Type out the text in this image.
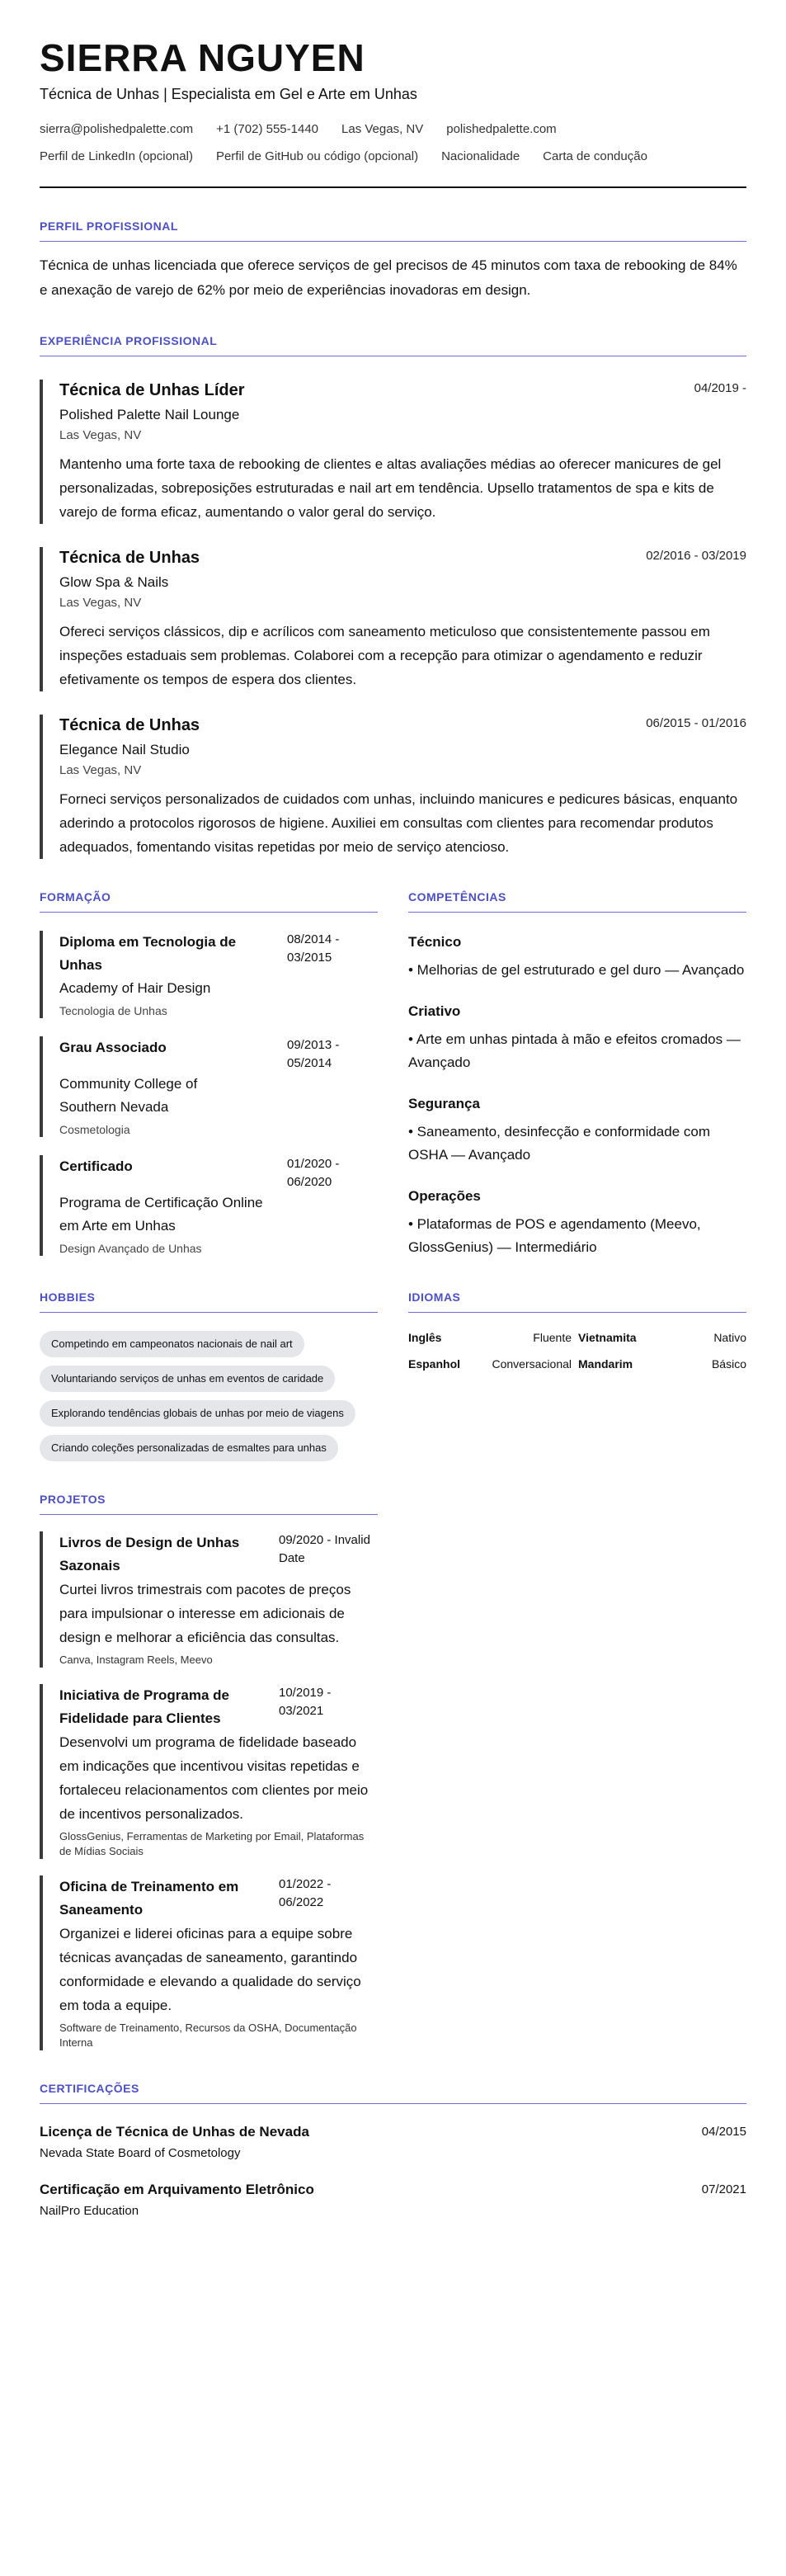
SIERRA NGUYEN
Técnica de Unhas | Especialista em Gel e Arte em Unhas
sierra@polishedpalette.com +1 (702) 555-1440 Las Vegas, NV polishedpalette.com
Perfil de LinkedIn (opcional) Perfil de GitHub ou código (opcional) Nacionalidade Carta de condução
PERFIL PROFISSIONAL

Técnica de unhas licenciada que oferece serviços de gel precisos de 45 minutos com taxa de rebooking de 84% e anexação de varejo de 62% por meio de experiências inovadoras em design.

EXPERIÊNCIA PROFISSIONAL
Técnica de Unhas Líder	04/2019 -
Polished Palette Nail Lounge
Las Vegas, NV

Mantenho uma forte taxa de rebooking de clientes e altas avaliações médias ao oferecer manicures de gel personalizadas, sobreposições estruturadas e nail art em tendência. Upsello tratamentos de spa e kits de varejo de forma eficaz, aumentando o valor geral do serviço.

Técnica de Unhas	02/2016 - 03/2019
Glow Spa & Nails
Las Vegas, NV

Ofereci serviços clássicos, dip e acrílicos com saneamento meticuloso que consistentemente passou em inspeções estaduais sem problemas. Colaborei com a recepção para otimizar o agendamento e reduzir efetivamente os tempos de espera dos clientes.

Técnica de Unhas	06/2015 - 01/2016
Elegance Nail Studio
Las Vegas, NV

Forneci serviços personalizados de cuidados com unhas, incluindo manicures e pedicures básicas, enquanto aderindo a protocolos rigorosos de higiene. Auxiliei em consultas com clientes para recomendar produtos adequados, fomentando visitas repetidas por meio de serviço atencioso.

FORMAÇÃO
Diploma em Tecnologia de Unhas
08/2014 - 03/2015
Academy of Hair Design
Tecnologia de Unhas
Grau Associado	09/2013 - 05/2014
Community College of Southern Nevada
Cosmetologia
Certificado	01/2020 - 06/2020
Programa de Certificação Online em Arte em Unhas
Design Avançado de Unhas
COMPETÊNCIAS
Técnico
• Melhorias de gel estruturado e gel duro — Avançado
Criativo
• Arte em unhas pintada à mão e efeitos cromados — Avançado
Segurança
• Saneamento, desinfecção e conformidade com OSHA — Avançado
Operações
• Plataformas de POS e agendamento (Meevo, GlossGenius) — Intermediário
HOBBIES
Competindo em campeonatos nacionais de nail art Voluntariando serviços de unhas em eventos de caridade Explorando tendências globais de unhas por meio de viagens Criando coleções personalizadas de esmaltes para unhas
IDIOMAS
Inglês	Fluente Vietnamita	Nativo
Espanhol	Conversacional Mandarim	Básico
PROJETOS
Livros de Design de Unhas Sazonais
09/2020 - Invalid Date

Curtei livros trimestrais com pacotes de preços para impulsionar o interesse em adicionais de design e melhorar a eficiência das consultas.

Canva, Instagram Reels, Meevo
Iniciativa de Programa de Fidelidade para Clientes
10/2019 - 03/2021

Desenvolvi um programa de fidelidade baseado em indicações que incentivou visitas repetidas e fortaleceu relacionamentos com clientes por meio de incentivos personalizados.

GlossGenius, Ferramentas de Marketing por Email, Plataformas de Mídias Sociais
Oficina de Treinamento em Saneamento
01/2022 - 06/2022

Organizei e liderei oficinas para a equipe sobre técnicas avançadas de saneamento, garantindo conformidade e elevando a qualidade do serviço em toda a equipe.

Software de Treinamento, Recursos da OSHA, Documentação Interna
CERTIFICAÇÕES
Licença de Técnica de Unhas de Nevada
Nevada State Board of Cosmetology
04/2015
Certificação em Arquivamento Eletrônico
NailPro Education
07/2021
